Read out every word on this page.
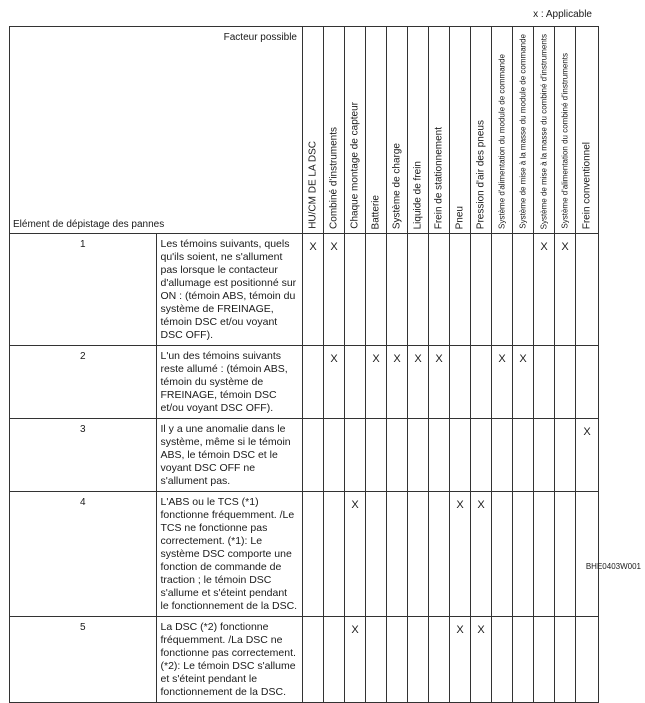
x : Applicable
Facteur possible
Elément de dépistage des pannes		HU/CM DE LA DSC	Combiné d'instruments	Chaque montage de capteur	Batterie	Système de charge	Liquide de frein	Frein de stationnement	Pneu	Pression d'air des pneus	Système d'alimentation du module de commande	Système de mise à la masse du module de commande	Système de mise à la masse du combiné d'instruments	Système d'alimentation du combiné d'instruments	Frein conventionnel

1	Les témoins suivants, quels qu'ils soient, ne s'allument pas lorsque le contacteur d'allumage est positionné sur ON : (témoin ABS, témoin du système de FREINAGE, témoin DSC et/ou voyant DSC OFF).	X	X										X	X	
2	L'un des témoins suivants reste allumé : (témoin ABS, témoin du système de FREINAGE, témoin DSC et/ou voyant DSC OFF).		X		X	X	X	X			X	X			
3	Il y a une anomalie dans le système, même si le témoin ABS, le témoin DSC et le voyant DSC OFF ne s'allument pas.														X
4	L'ABS ou le TCS (*1) fonctionne fréquemment. /Le TCS ne fonctionne pas correctement. (*1): Le système DSC comporte une fonction de commande de traction ; le témoin DSC s'allume et s'éteint pendant le fonctionnement de la DSC.			X					X	X					
5	La DSC (*2) fonctionne fréquemment. /La DSC ne fonctionne pas correctement. (*2): Le témoin DSC s'allume et s'éteint pendant le fonctionnement de la DSC.			X					X	X					
BHE0403W001
